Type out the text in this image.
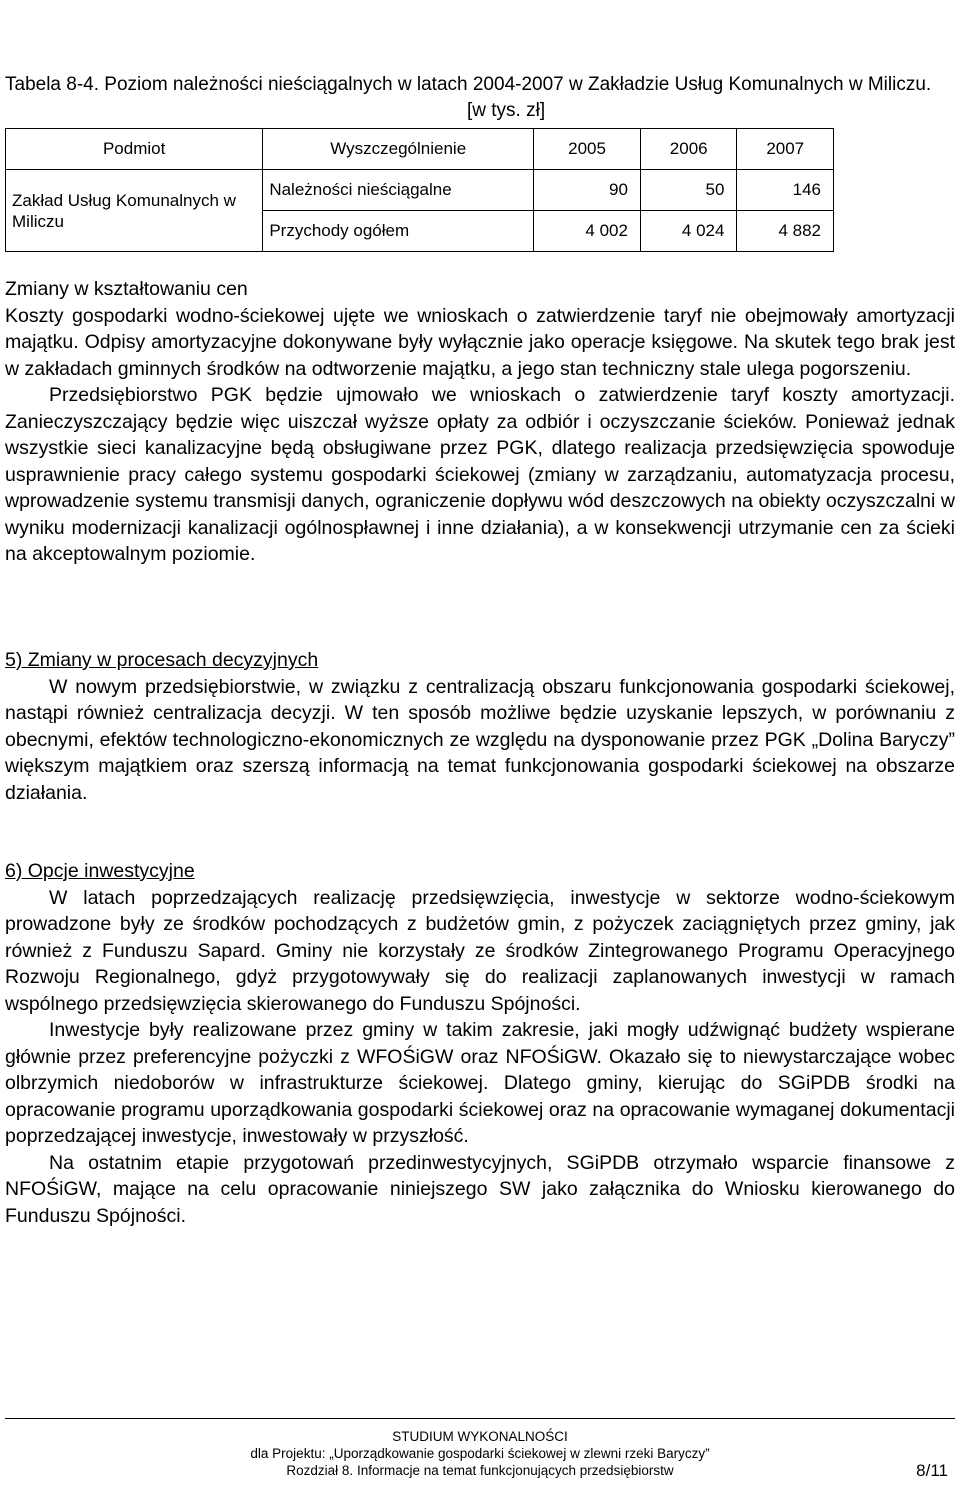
Tabela 8-4. Poziom należności nieściągalnych w latach 2004-2007 w Zakładzie Usług Komunalnych w Miliczu.
[w tys. zł]
Podmiot	Wyszczególnienie	2005	2006	2007
Zakład Usług Komunalnych w Miliczu	Należności nieściągalne	90	50	146
	Przychody ogółem	4 002	4 024	4 882
Zmiany w kształtowaniu cen

Koszty gospodarki wodno-ściekowej ujęte we wnioskach o zatwierdzenie taryf nie obejmowały amortyzacji majątku. Odpisy amortyzacyjne dokonywane były wyłącznie jako operacje księgowe. Na skutek tego brak jest w zakładach gminnych środków na odtworzenie majątku, a jego stan techniczny stale ulega pogorszeniu.

Przedsiębiorstwo PGK będzie ujmowało we wnioskach o zatwierdzenie taryf koszty amortyzacji. Zanieczyszczający będzie więc uiszczał wyższe opłaty za odbiór i oczyszczanie ścieków. Ponieważ jednak wszystkie sieci kanalizacyjne będą obsługiwane przez PGK, dlatego realizacja przedsięwzięcia spowoduje usprawnienie pracy całego systemu gospodarki ściekowej (zmiany w zarządzaniu, automatyzacja procesu, wprowadzenie systemu transmisji danych, ograniczenie dopływu wód deszczowych na obiekty oczyszczalni w wyniku modernizacji kanalizacji ogólnospławnej i inne działania), a w konsekwencji utrzymanie cen za ścieki na akceptowalnym poziomie.

5) Zmiany w procesach decyzyjnych

W nowym przedsiębiorstwie, w związku z centralizacją obszaru funkcjonowania gospodarki ściekowej, nastąpi również centralizacja decyzji. W ten sposób możliwe będzie uzyskanie lepszych, w porównaniu z obecnymi, efektów technologiczno-ekonomicznych ze względu na dysponowanie przez PGK „Dolina Baryczy” większym majątkiem oraz szerszą informacją na temat funkcjonowania gospodarki ściekowej na obszarze działania.

6) Opcje inwestycyjne

W latach poprzedzających realizację przedsięwzięcia, inwestycje w sektorze wodno-ściekowym prowadzone były ze środków pochodzących z budżetów gmin, z pożyczek zaciągniętych przez gminy, jak również z Funduszu Sapard. Gminy nie korzystały ze środków Zintegrowanego Programu Operacyjnego Rozwoju Regionalnego, gdyż przygotowywały się do realizacji zaplanowanych inwestycji w ramach wspólnego przedsięwzięcia skierowanego do Funduszu Spójności.

Inwestycje były realizowane przez gminy w takim zakresie, jaki mogły udźwignąć budżety wspierane głównie przez preferencyjne pożyczki z WFOŚiGW oraz NFOŚiGW. Okazało się to niewystarczające wobec olbrzymich niedoborów w infrastrukturze ściekowej. Dlatego gminy, kierując do SGiPDB środki na opracowanie programu uporządkowania gospodarki ściekowej oraz na opracowanie wymaganej dokumentacji poprzedzającej inwestycje, inwestowały w przyszłość.

Na ostatnim etapie przygotowań przedinwestycyjnych, SGiPDB otrzymało wsparcie finansowe z NFOŚiGW, mające na celu opracowanie niniejszego SW jako załącznika do Wniosku kierowanego do Funduszu Spójności.

STUDIUM WYKONALNOŚCI
dla Projektu: „Uporządkowanie gospodarki ściekowej w zlewni rzeki Baryczy”
Rozdział 8. Informacje na temat funkcjonujących przedsiębiorstw	8/11
